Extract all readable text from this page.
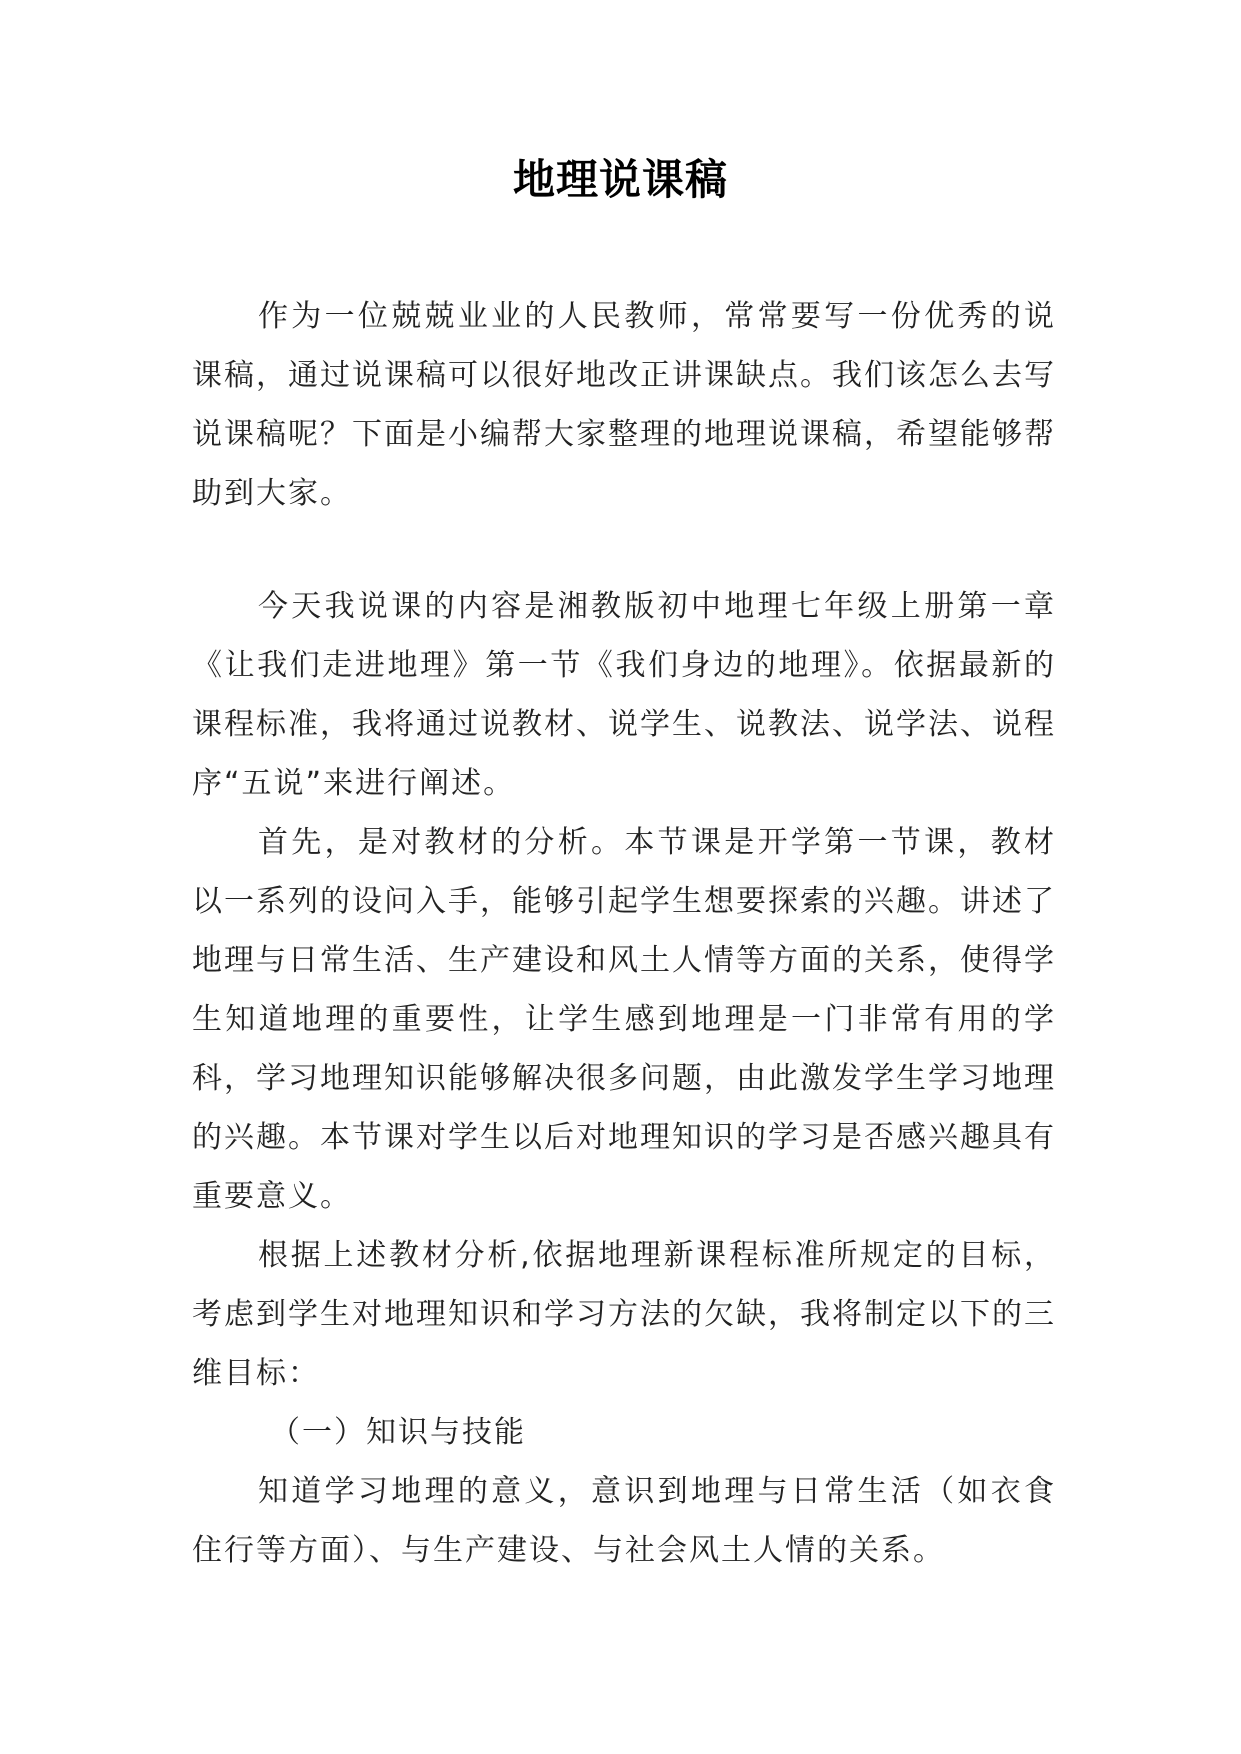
地理说课稿

作为一位兢兢业业的人民教师，常常要写一份优秀的说课稿，通过说课稿可以很好地改正讲课缺点。我们该怎么去写说课稿呢？下面是小编帮大家整理的地理说课稿，希望能够帮助到大家。

今天我说课的内容是湘教版初中地理七年级上册第一章《让我们走进地理》第一节《我们身边的地理》。依据最新的课程标准，我将通过说教材、说学生、说教法、说学法、说程序“五说”来进行阐述。

首先，是对教材的分析。本节课是开学第一节课，教材以一系列的设问入手，能够引起学生想要探索的兴趣。讲述了地理与日常生活、生产建设和风土人情等方面的关系，使得学生知道地理的重要性，让学生感到地理是一门非常有用的学科，学习地理知识能够解决很多问题，由此激发学生学习地理的兴趣。本节课对学生以后对地理知识的学习是否感兴趣具有重要意义。

根据上述教材分析,依据地理新课程标准所规定的目标，考虑到学生对地理知识和学习方法的欠缺，我将制定以下的三维目标：

（一）知识与技能

知道学习地理的意义，意识到地理与日常生活（如衣食住行等方面）、与生产建设、与社会风土人情的关系。
